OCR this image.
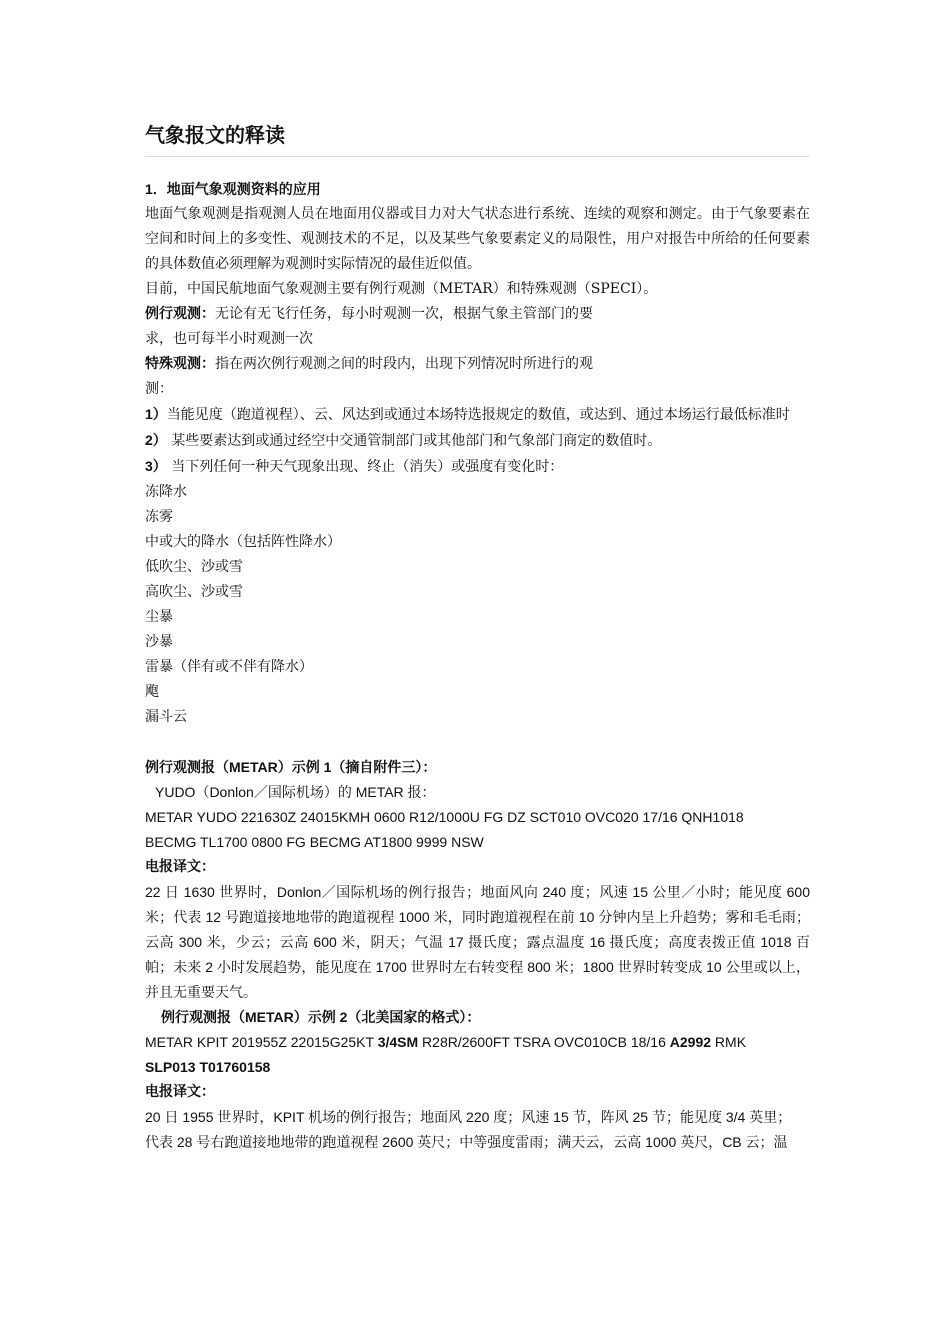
气象报文的释读
1．地面气象观测资料的应用
地面气象观测是指观测人员在地面用仪器或目力对大气状态进行系统、连续的观察和测定。由于气象要素在空间和时间上的多变性、观测技术的不足，以及某些气象要素定义的局限性，用户对报告中所给的任何要素的具体数值必须理解为观测时实际情况的最佳近似值。
目前，中国民航地面气象观测主要有例行观测（METAR）和特殊观测（SPECI）。
例行观测：无论有无飞行任务，每小时观测一次，根据气象主管部门的要
求，也可每半小时观测一次
特殊观测：指在两次例行观测之间的时段内，出现下列情况时所进行的观
测：
1）当能见度（跑道视程）、云、风达到或通过本场特选报规定的数值，或达到、通过本场运行最低标准时
2） 某些要素达到或通过经空中交通管制部门或其他部门和气象部门商定的数值时。
3） 当下列任何一种天气现象出现、终止（消失）或强度有变化时：
冻降水
冻雾
中或大的降水（包括阵性降水）
低吹尘、沙或雪
高吹尘、沙或雪
尘暴
沙暴
雷暴（伴有或不伴有降水）
飑
漏斗云
例行观测报（METAR）示例 1（摘自附件三）：
YUDO（Donlon／国际机场）的 METAR 报：
METAR YUDO 221630Z 24015KMH 0600 R12/1000U FG DZ SCT010 OVC020 17/16 QNH1018
BECMG TL1700 0800 FG BECMG AT1800 9999 NSW
电报译文：
22 日 1630 世界时，Donlon／国际机场的例行报告；地面风向 240 度；风速 15 公里／小时；能见度 600 米；代表 12 号跑道接地地带的跑道视程 1000 米，同时跑道视程在前 10 分钟内呈上升趋势；雾和毛毛雨；云高 300 米，少云；云高 600 米，阴天；气温 17 摄氏度；露点温度 16 摄氏度；高度表拨正值 1018 百帕；未来 2 小时发展趋势，能见度在 1700 世界时左右转变程 800 米；1800 世界时转变成 10 公里或以上，并且无重要天气。
例行观测报（METAR）示例 2（北美国家的格式）：
METAR KPIT 201955Z 22015G25KT 3/4SM R28R/2600FT TSRA OVC010CB 18/16 A2992 RMK
SLP013 T01760158
电报译文：
20 日 1955 世界时，KPIT 机场的例行报告；地面风 220 度；风速 15 节，阵风 25 节；能见度 3/4 英里；
代表 28 号右跑道接地地带的跑道视程 2600 英尺；中等强度雷雨；满天云，云高 1000 英尺，CB 云；温
